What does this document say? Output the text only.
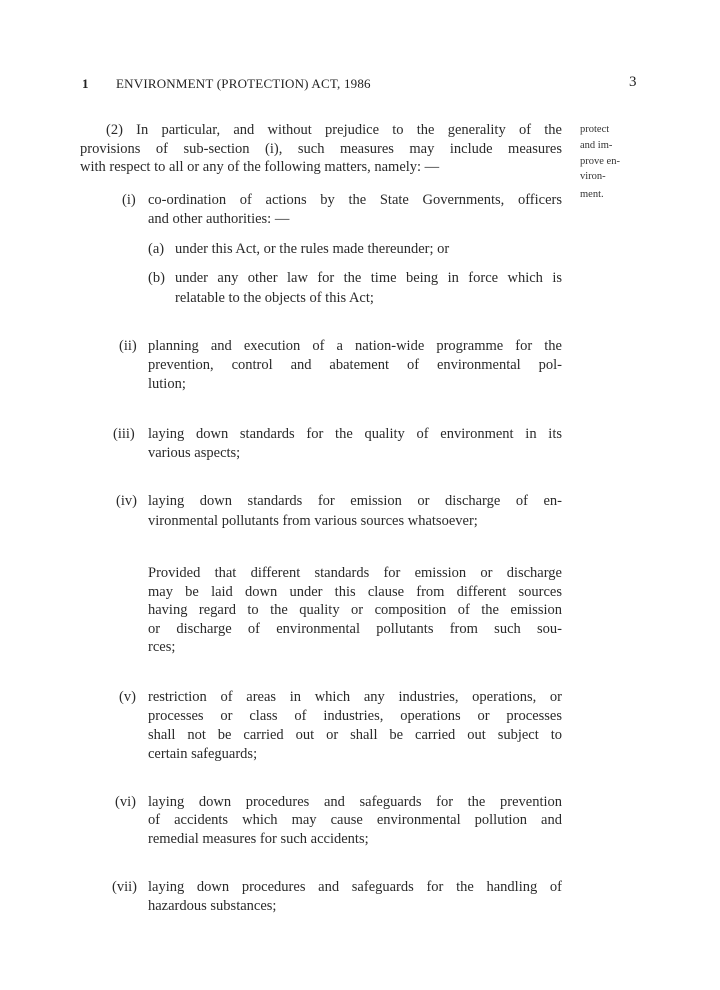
1 ENVIRONMENT (PROTECTION) ACT, 1986	3
protect
and im-
prove en-
viron-
ment.
(2) In particular, and without prejudice to the generality of the
provisions of sub-section (i), such measures may include measures
with respect to all or any of the following matters, namely: —
(i) co-ordination of actions by the State Governments, officers
and other authorities: —
(a) under this Act, or the rules made thereunder; or
(b) under any other law for the time being in force which is
relatable to the objects of this Act;
(ii) planning and execution of a nation-wide programme for the
prevention, control and abatement of environmental pol-
lution;
(iii) laying down standards for the quality of environment in its
various aspects;
(iv) laying down standards for emission or discharge of en-
vironmental pollutants from various sources whatsoever;
Provided that different standards for emission or discharge
may be laid down under this clause from different sources
having regard to the quality or composition of the emission
or discharge of environmental pollutants from such sou-
rces;
(v) restriction of areas in which any industries, operations, or
processes or class of industries, operations or processes
shall not be carried out or shall be carried out subject to
certain safeguards;
(vi) laying down procedures and safeguards for the prevention
of accidents which may cause environmental pollution and
remedial measures for such accidents;
(vii) laying down procedures and safeguards for the handling of
hazardous substances;
